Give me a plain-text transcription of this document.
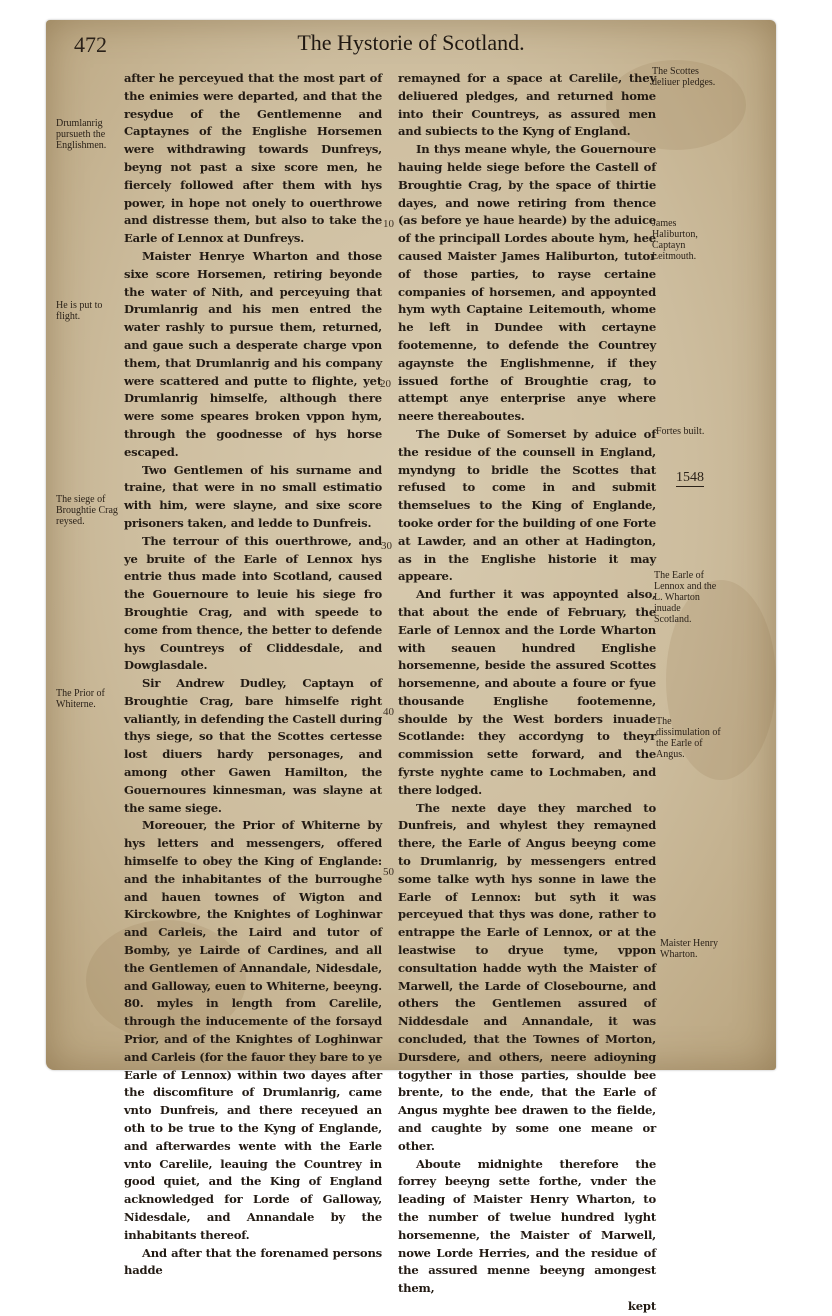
472	The Hystorie of Scotland.

after he perceyued that the most part of the enimies were departed, and that the resydue of the Gentlemenne and Captaynes of the Englishe Horsemen were withdrawing towards Dunfreys, beyng not past a sixe score men, he fiercely followed after them with hys power, in hope not onely to ouerthrowe and distresse them, but also to take the Earle of Lennox at Dunfreys.

Maister Henrye Wharton and those sixe score Horsemen, retiring beyonde the water of Nith, and perceyuing that Drumlanrig and his men entred the water rashly to pursue them, returned, and gaue such a desperate charge vpon them, that Drumlanrig and his company were scattered and putte to flighte, yet Drumlanrig himselfe, although there were some speares broken vppon hym, through the goodnesse of hys horse escaped.

Two Gentlemen of his surname and traine, that were in no small estimatio with him, were slayne, and sixe score prisoners taken, and ledde to Dunfreis.

The terrour of this ouerthrowe, and ye bruite of the Earle of Lennox hys entrie thus made into Scotland, caused the Gouernoure to leuie his siege fro Broughtie Crag, and with speede to come from thence, the better to defende hys Countreys of Cliddesdale, and Dowglasdale.

Sir Andrew Dudley, Captayn of Broughtie Crag, bare himselfe right valiantly, in defending the Castell during thys siege, so that the Scottes certesse lost diuers hardy personages, and among other Gawen Hamilton, the Gouernoures kinnesman, was slayne at the same siege.

Moreouer, the Prior of Whiterne by hys letters and messengers, offered himselfe to obey the King of Englande: and the inhabitantes of the burroughe and hauen townes of Wigton and Kirckowbre, the Knightes of Loghinwar and Carleis, the Laird and tutor of Bomby, ye Lairde of Cardines, and all the Gentlemen of Annandale, Nidesdale, and Galloway, euen to Whiterne, beeyng. 80. myles in length from Carelile, through the inducemente of the forsayd Prior, and of the Knightes of Loghinwar and Carleis (for the fauor they bare to ye Earle of Lennox) within two dayes after the discomfiture of Drumlanrig, came vnto Dunfreis, and there receyued an oth to be true to the Kyng of Englande, and afterwardes wente with the Earle vnto Carelile, leauing the Countrey in good quiet, and the King of England acknowledged for Lorde of Galloway, Nidesdale, and Annandale by the inhabitants thereof.

And after that the forenamed persons hadde

remayned for a space at Carelile, they deliuered pledges, and returned home into their Countreys, as assured men and subiects to the Kyng of England.

In thys meane whyle, the Gouernoure hauing helde siege before the Castell of Broughtie Crag, by the space of thirtie dayes, and nowe retiring from thence (as before ye haue hearde) by the aduice of the principall Lordes aboute hym, hee caused Maister James Haliburton, tutor of those parties, to rayse certaine companies of horsemen, and appoynted hym wyth Captaine Leitemouth, whome he left in Dundee with certayne footemenne, to defende the Countrey agaynste the Englishmenne, if they issued forthe of Broughtie crag, to attempt anye enterprise anye where neere thereaboutes.

The Duke of Somerset by aduice of the residue of the counsell in England, myndyng to bridle the Scottes that refused to come in and submit themselues to the King of Englande, tooke order for the building of one Forte at Lawder, and an other at Hadington, as in the Englishe historie it may appeare.

And further it was appoynted also, that about the ende of February, the Earle of Lennox and the Lorde Wharton with seauen hundred Englishe horsemenne, beside the assured Scottes horsemenne, and aboute a foure or fyue thousande Englishe footemenne, shoulde by the West borders inuade Scotlande: they accordyng to theyr commission sette forward, and the fyrste nyghte came to Lochmaben, and there lodged.

The nexte daye they marched to Dunfreis, and whylest they remayned there, the Earle of Angus beeyng come to Drumlanrig, by messengers entred some talke wyth hys sonne in lawe the Earle of Lennox: but syth it was perceyued that thys was done, rather to entrappe the Earle of Lennox, or at the leastwise to dryue tyme, vppon consultation hadde wyth the Maister of Marwell, the Larde of Closebourne, and others the Gentlemen assured of Niddesdale and Annandale, it was concluded, that the Townes of Morton, Dursdere, and others, neere adioyning togyther in those parties, shoulde bee brente, to the ende, that the Earle of Angus myghte bee drawen to the fielde, and caughte by some one meane or other.

Aboute midnighte therefore the forrey beeyng sette forthe, vnder the leading of Maister Henry Wharton, to the number of twelue hundred lyght horsemenne, the Maister of Marwell, nowe Lorde Herries, and the residue of the assured menne beeyng amongest them,

kept

Drumlanrig pursueth the Englishmen.
He is put to flight.
The siege of Broughtie Crag reysed.
The Prior of Whiterne.
The Scottes deliuer pledges.
James Haliburton, Captayn Leitmouth.
Fortes built.
1548
The Earle of Lennox and the L. Wharton inuade Scotland.
The dissimulation of the Earle of Angus.
Maister Henry Wharton.
10
20
30
40
50
